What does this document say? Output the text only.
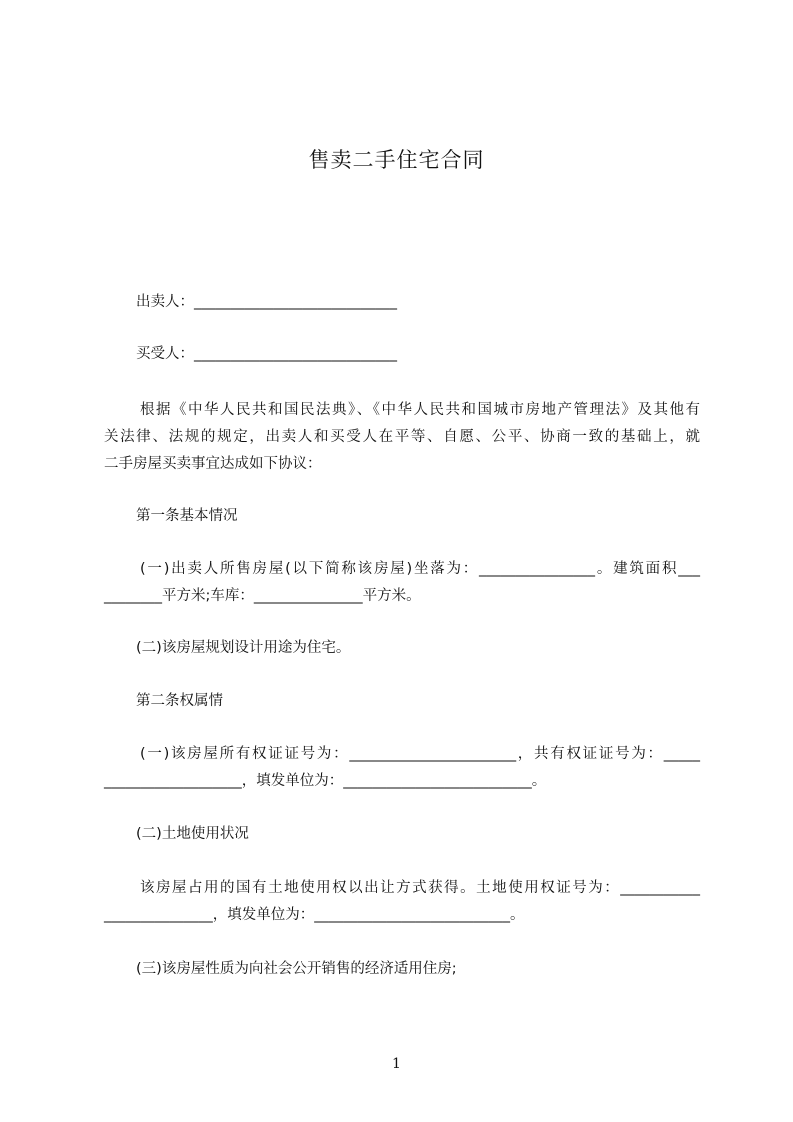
售卖二手住宅合同
出卖人：____________________________
买受人：____________________________
根据《中华人民共和国民法典》、《中华人民共和国城市房地产管理法》及其他有
关法律、法规的规定，出卖人和买受人在平等、自愿、公平、协商一致的基础上，就
二手房屋买卖事宜达成如下协议：
第一条基本情况
(一)出卖人所售房屋(以下简称该房屋)坐落为：________________。建筑面积___
________平方米;车库：_______________平方米。
(二)该房屋规划设计用途为住宅。
第二条权属情
(一)该房屋所有权证证号为：_______________________，共有权证证号为：_____
___________________，填发单位为：__________________________。
(二)土地使用状况
该房屋占用的国有土地使用权以出让方式获得。土地使用权证号为：___________
_______________，填发单位为：___________________________。
(三)该房屋性质为向社会公开销售的经济适用住房;
1
